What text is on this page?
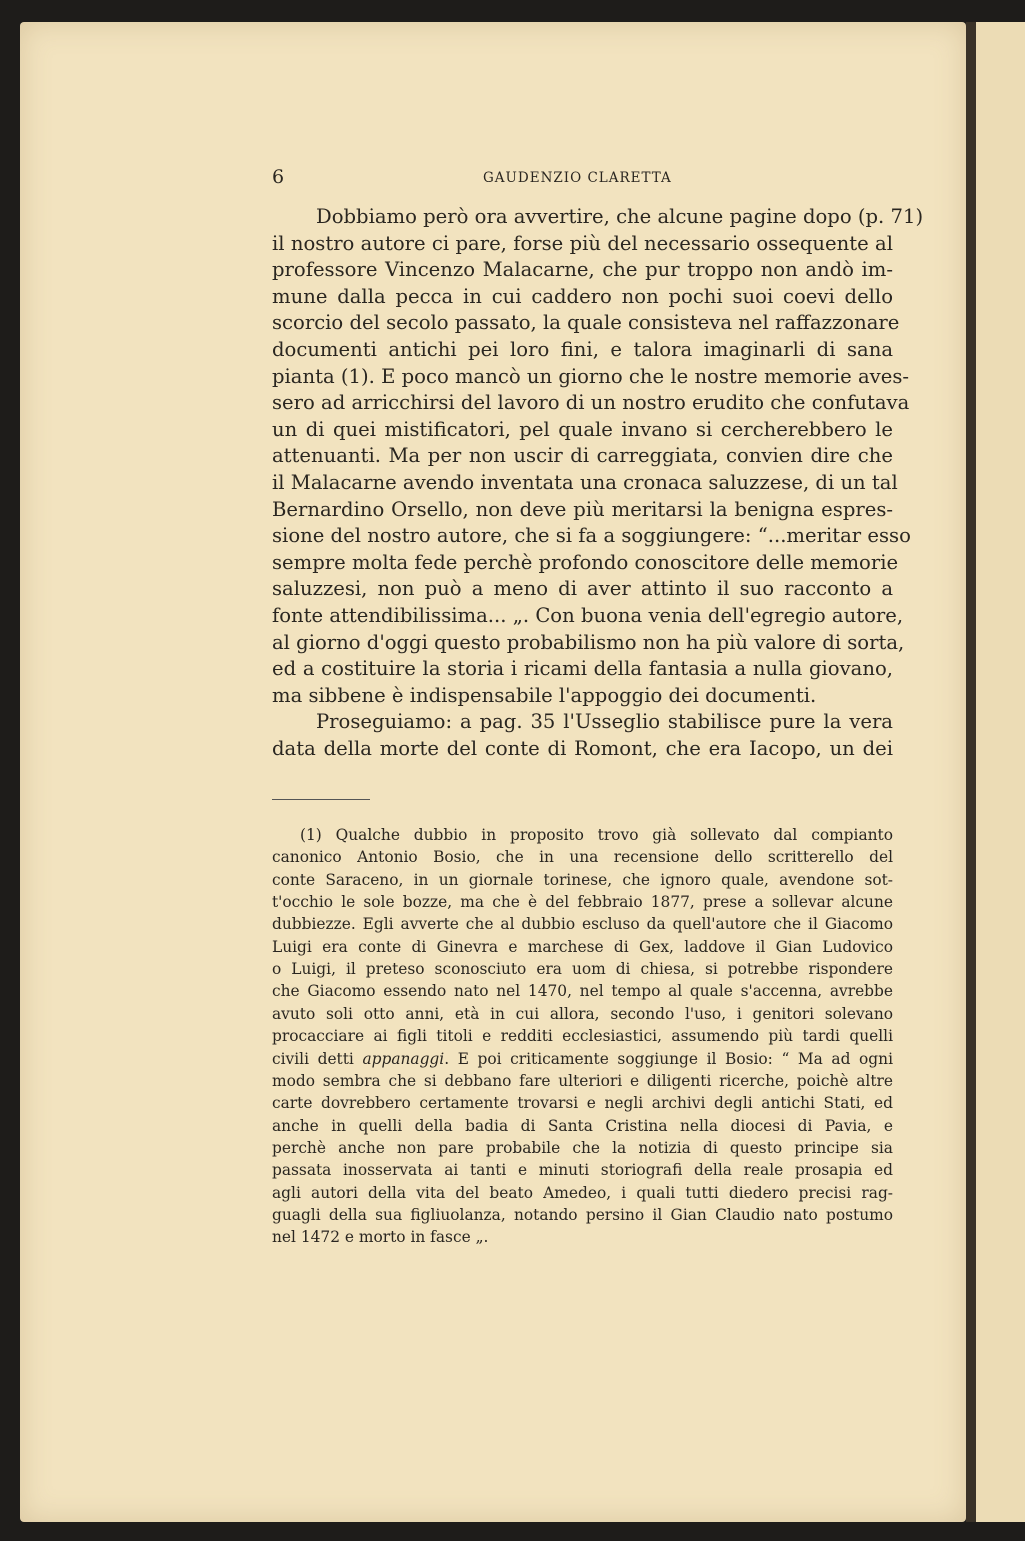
6	GAUDENZIO CLARETTA
Dobbiamo però ora avvertire, che alcune pagine dopo (p. 71)
il nostro autore ci pare, forse più del necessario ossequente al
professore Vincenzo Malacarne, che pur troppo non andò im-
mune dalla pecca in cui caddero non pochi suoi coevi dello
scorcio del secolo passato, la quale consisteva nel raffazzonare
documenti antichi pei loro fini, e talora imaginarli di sana
pianta (1). E poco mancò un giorno che le nostre memorie aves-
sero ad arricchirsi del lavoro di un nostro erudito che confutava
un di quei mistificatori, pel quale invano si cercherebbero le
attenuanti. Ma per non uscir di carreggiata, convien dire che
il Malacarne avendo inventata una cronaca saluzzese, di un tal
Bernardino Orsello, non deve più meritarsi la benigna espres-
sione del nostro autore, che si fa a soggiungere: “...meritar esso
sempre molta fede perchè profondo conoscitore delle memorie
saluzzesi, non può a meno di aver attinto il suo racconto a
fonte attendibilissima... „. Con buona venia dell'egregio autore,
al giorno d'oggi questo probabilismo non ha più valore di sorta,
ed a costituire la storia i ricami della fantasia a nulla giovano,
ma sibbene è indispensabile l'appoggio dei documenti.
Proseguiamo: a pag. 35 l'Usseglio stabilisce pure la vera
data della morte del conte di Romont, che era Iacopo, un dei
(1) Qualche dubbio in proposito trovo già sollevato dal compianto
canonico Antonio Bosio, che in una recensione dello scritterello del
conte Saraceno, in un giornale torinese, che ignoro quale, avendone sot-
t'occhio le sole bozze, ma che è del febbraio 1877, prese a sollevar alcune
dubbiezze. Egli avverte che al dubbio escluso da quell'autore che il Giacomo
Luigi era conte di Ginevra e marchese di Gex, laddove il Gian Ludovico
o Luigi, il preteso sconosciuto era uom di chiesa, si potrebbe rispondere
che Giacomo essendo nato nel 1470, nel tempo al quale s'accenna, avrebbe
avuto soli otto anni, età in cui allora, secondo l'uso, i genitori solevano
procacciare ai figli titoli e redditi ecclesiastici, assumendo più tardi quelli
civili detti appanaggi. E poi criticamente soggiunge il Bosio: “ Ma ad ogni
modo sembra che si debbano fare ulteriori e diligenti ricerche, poichè altre
carte dovrebbero certamente trovarsi e negli archivi degli antichi Stati, ed
anche in quelli della badia di Santa Cristina nella diocesi di Pavia, e
perchè anche non pare probabile che la notizia di questo principe sia
passata inosservata ai tanti e minuti storiografi della reale prosapia ed
agli autori della vita del beato Amedeo, i quali tutti diedero precisi rag-
guagli della sua figliuolanza, notando persino il Gian Claudio nato postumo
nel 1472 e morto in fasce „.
